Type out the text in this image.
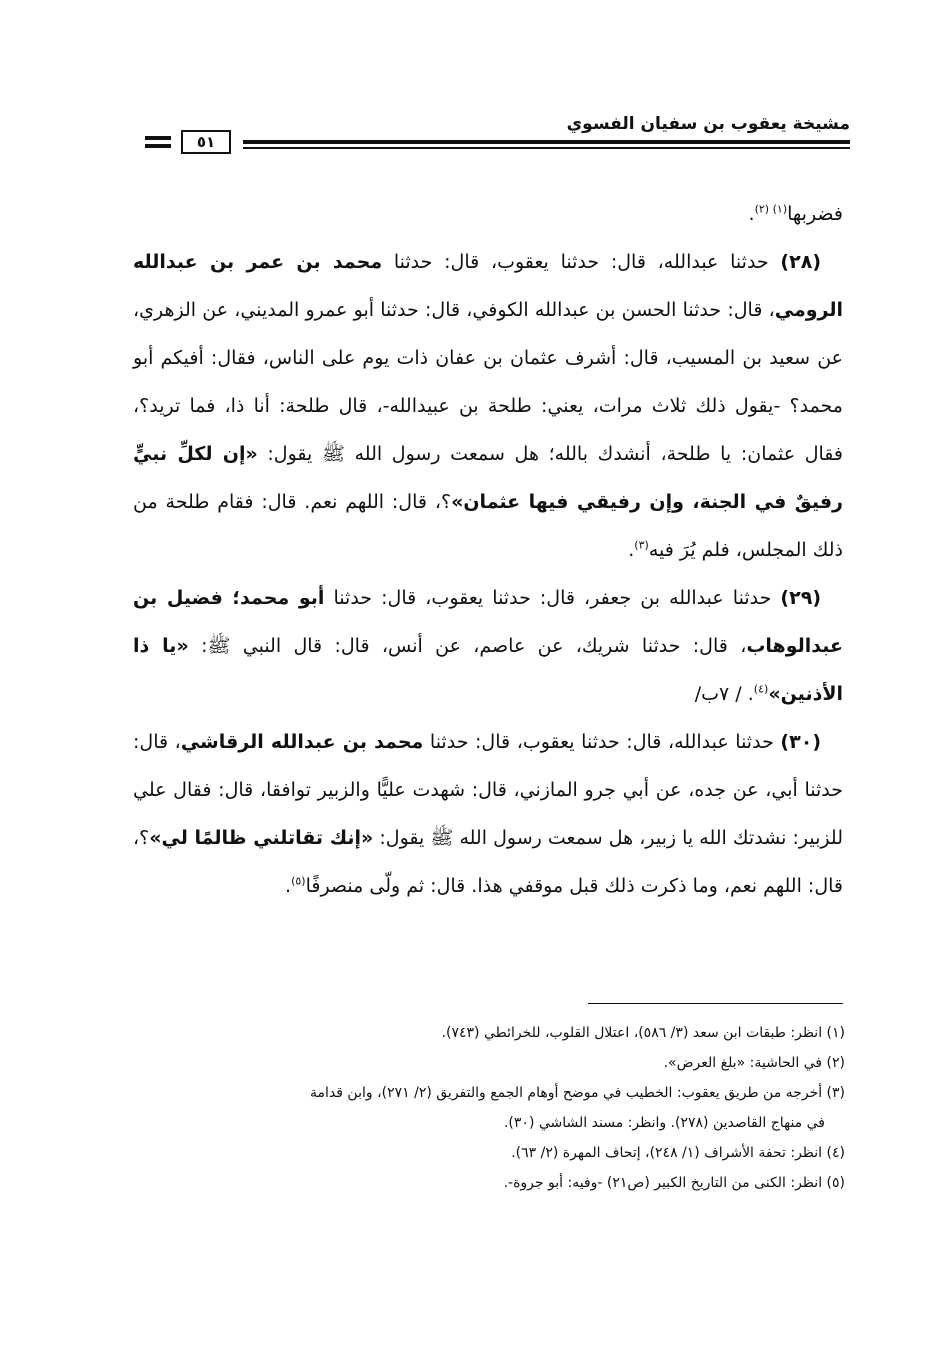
مشيخة يعقوب بن سفيان الفسوي
٥١

فضربها$^{(١) (٢)}$.

(٢٨) حدثنا عبدالله، قال: حدثنا يعقوب، قال: حدثنا محمد بن عمر بن عبدالله الرومي، قال: حدثنا الحسن بن عبدالله الكوفي، قال: حدثنا أبو عمرو المديني، عن الزهري، عن سعيد بن المسيب، قال: أشرف عثمان بن عفان ذات يوم على الناس، فقال: أفيكم أبو محمد؟ -يقول ذلك ثلاث مرات، يعني: طلحة بن عبيدالله-، قال طلحة: أنا ذا، فما تريد؟، فقال عثمان: يا طلحة، أنشدك بالله؛ هل سمعت رسول الله ﷺ يقول: «إن لكلِّ نبيٍّ رفيقٌ في الجنة، وإن رفيقي فيها عثمان»؟، قال: اللهم نعم. قال: فقام طلحة من ذلك المجلس، فلم يُرَ فيه$^{(٣)}$.

(٢٩) حدثنا عبدالله بن جعفر، قال: حدثنا يعقوب، قال: حدثنا أبو محمد؛ فضيل بن عبدالوهاب، قال: حدثنا شريك، عن عاصم، عن أنس، قال: قال النبي ﷺ: «يا ذا الأذنين»$^{(٤)}$. / ٧ب/

(٣٠) حدثنا عبدالله، قال: حدثنا يعقوب، قال: حدثنا محمد بن عبدالله الرقاشي، قال: حدثنا أبي، عن جده، عن أبي جرو المازني، قال: شهدت عليًّا والزبير توافقا، قال: فقال علي للزبير: نشدتك الله يا زبير، هل سمعت رسول الله ﷺ يقول: «إنك تقاتلني ظالمًا لي»؟، قال: اللهم نعم، وما ذكرت ذلك قبل موقفي هذا. قال: ثم ولّى منصرفًا$^{(٥)}$.

(١) انظر: طبقات ابن سعد (٣/ ٥٨٦)، اعتلال القلوب، للخرائطي (٧٤٣).

(٢) في الحاشية: «بلغ العرض».

(٣) أخرجه من طريق يعقوب: الخطيب في موضح أوهام الجمع والتفريق (٢/ ٢٧١)، وابن قدامة

في منهاج القاصدين (٢٧٨). وانظر: مسند الشاشي (٣٠).

(٤) انظر: تحفة الأشراف (١/ ٢٤٨)، إتحاف المهرة (٢/ ٦٣).

(٥) انظر: الكنى من التاريخ الكبير (ص٢١) -وفيه: أبو جروة-.
